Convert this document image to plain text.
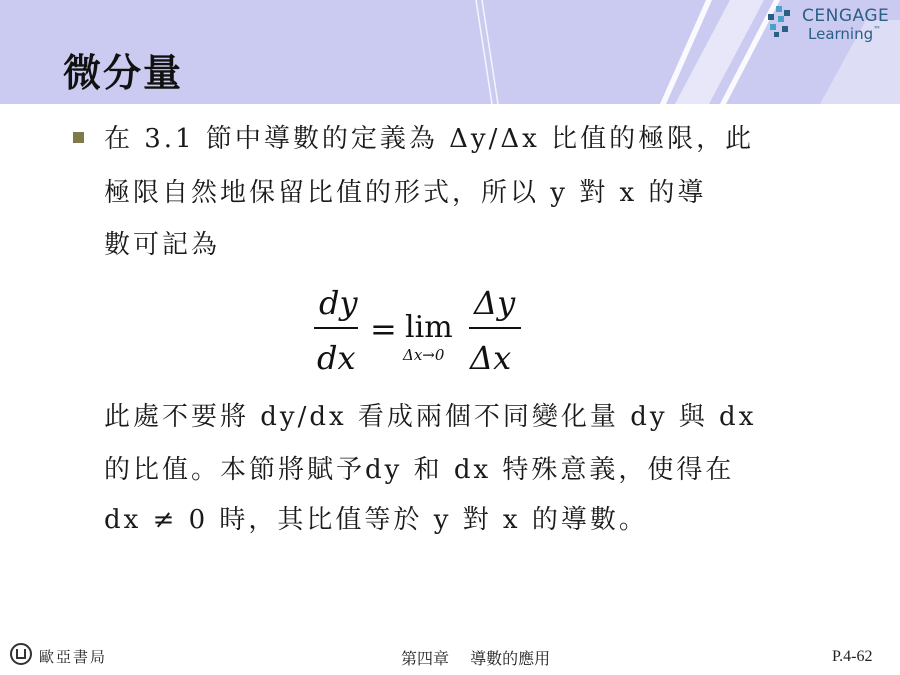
CENGAGE
Learning™
微分量
在 3.1 節中導數的定義為 Δy/Δx 比值的極限，此
極限自然地保留比值的形式，所以 y 對 x 的導
數可記為
dy
dx
= lim
Δx→0
Δy
Δx
此處不要將 dy/dx 看成兩個不同變化量 dy 與 dx
的比值。本節將賦予dy 和 dx 特殊意義，使得在
dx ≠ 0 時，其比值等於 y 對 x 的導數。
歐亞書局	第四章　 導數的應用	P.4-62
